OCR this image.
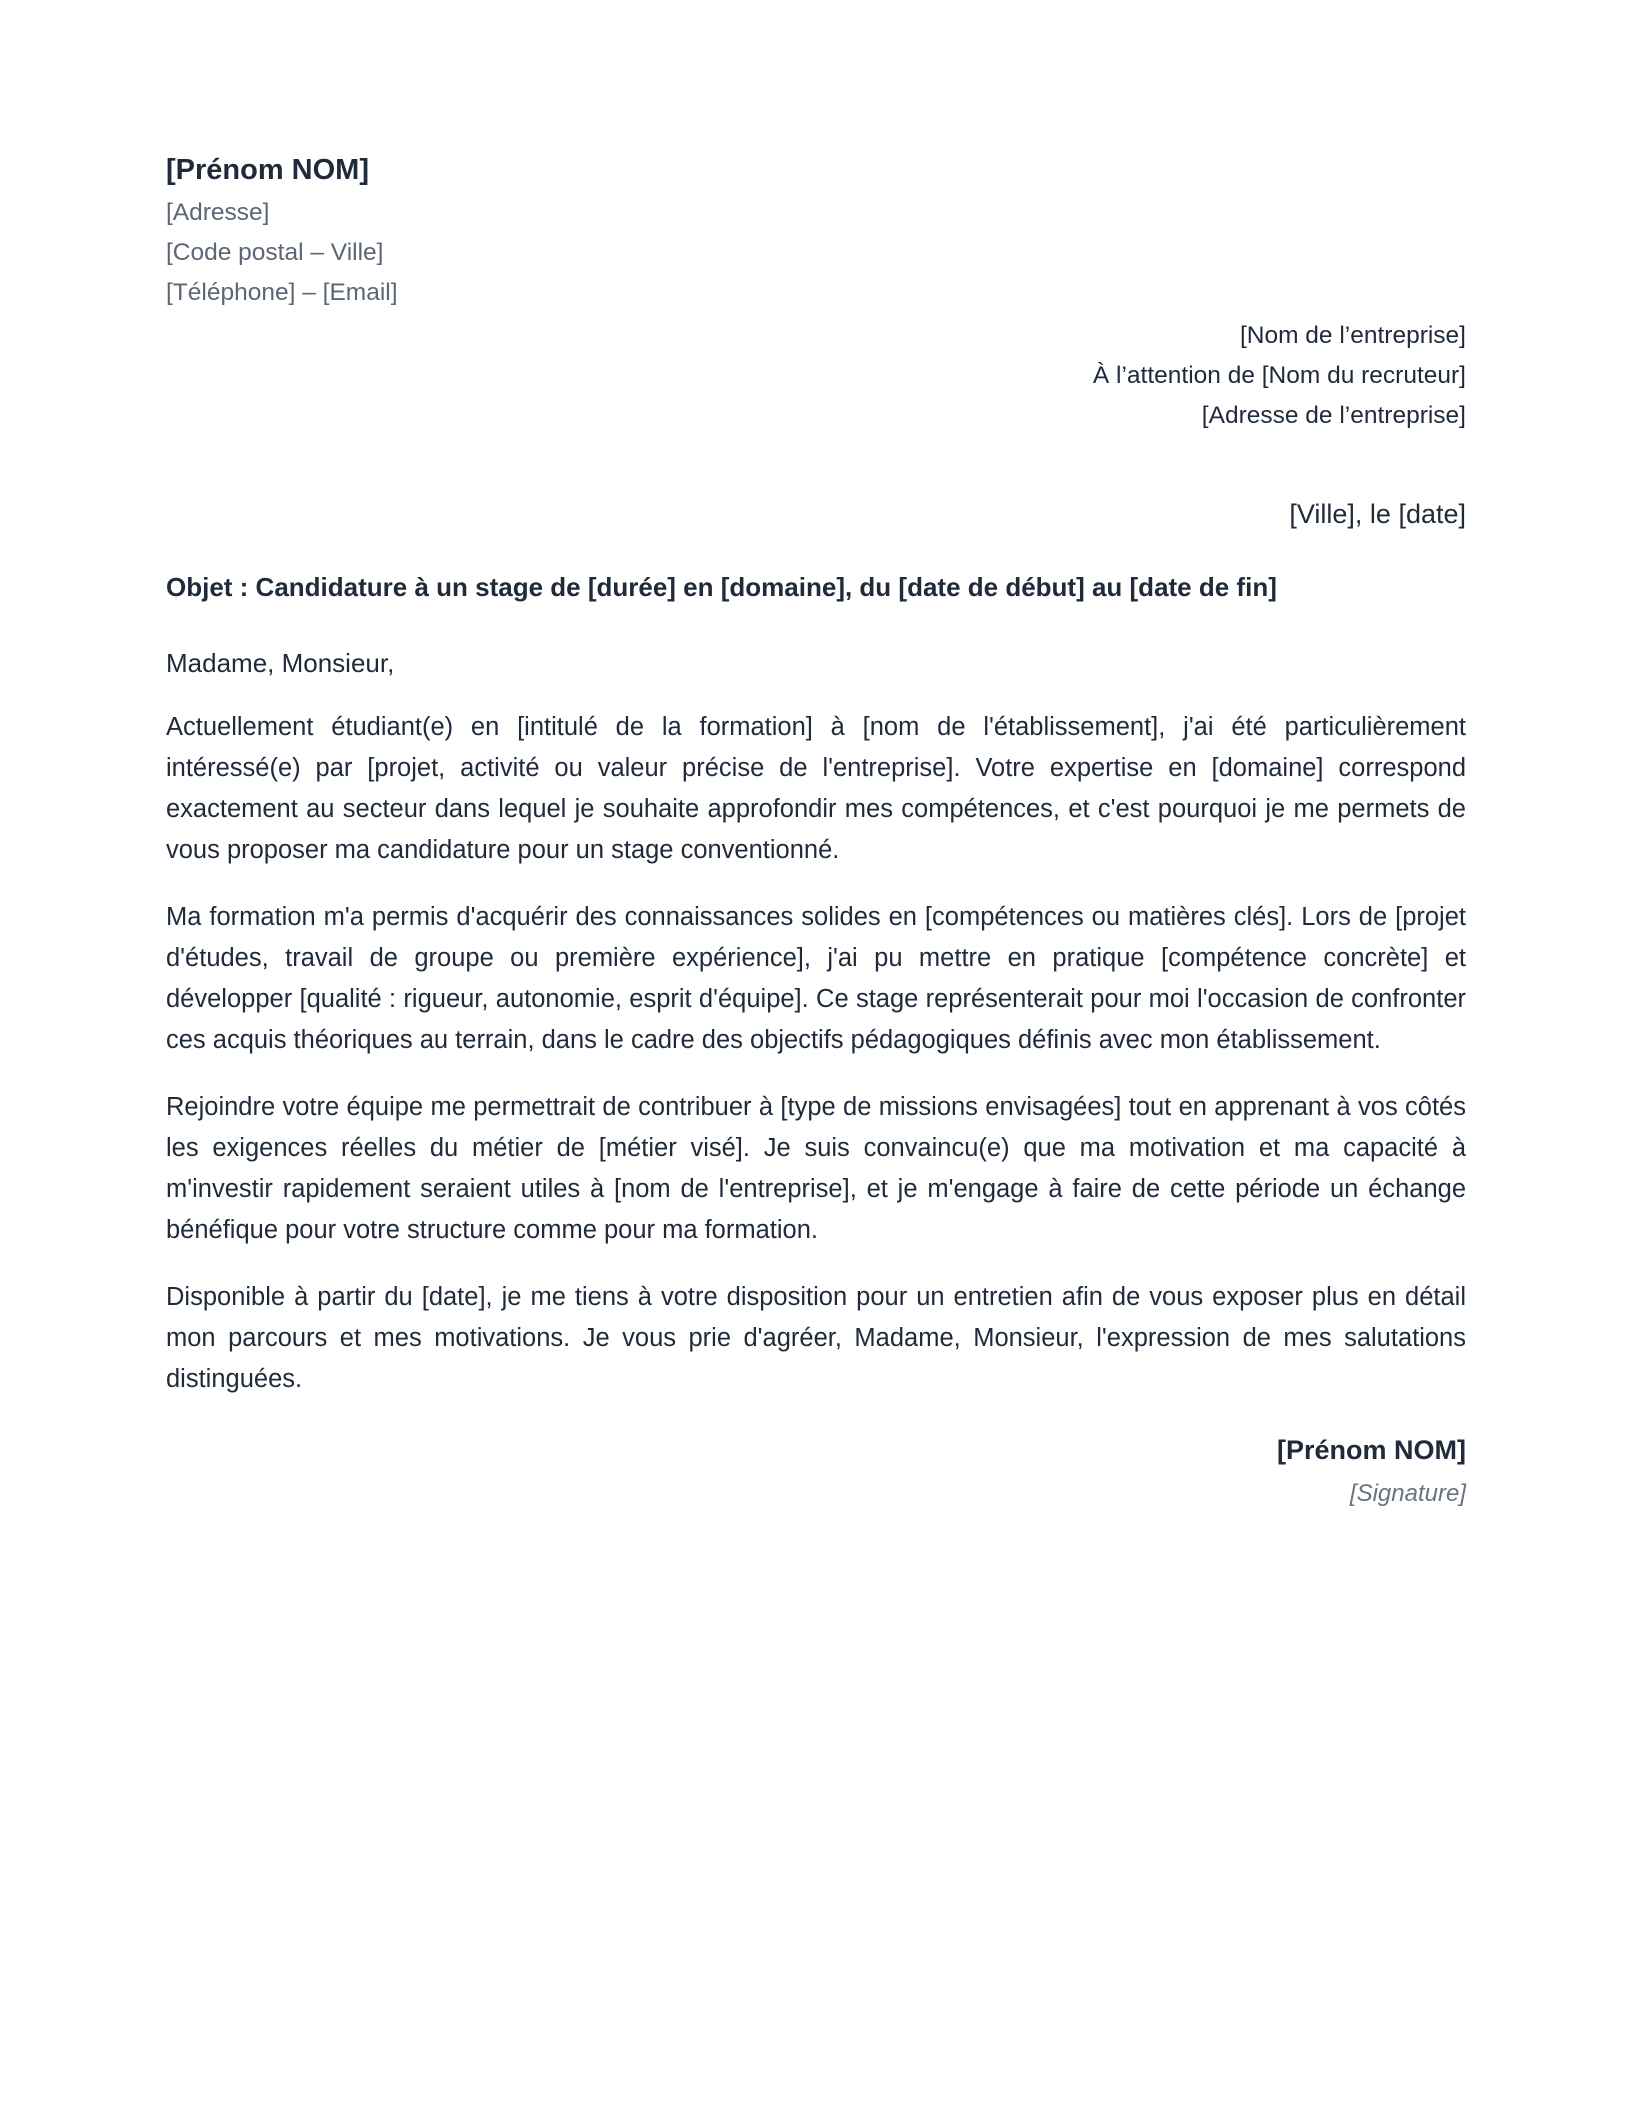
[Prénom NOM]
[Adresse]
[Code postal – Ville]
[Téléphone] – [Email]
[Nom de l’entreprise]
À l’attention de [Nom du recruteur]
[Adresse de l’entreprise]
[Ville], le [date]
Objet : Candidature à un stage de [durée] en [domaine], du [date de début] au [date de fin]
Madame, Monsieur,

Actuellement étudiant(e) en [intitulé de la formation] à [nom de l'établissement], j'ai été particulièrement intéressé(e) par [projet, activité ou valeur précise de l'entreprise]. Votre expertise en [domaine] correspond exactement au secteur dans lequel je souhaite approfondir mes compétences, et c'est pourquoi je me permets de vous proposer ma candidature pour un stage conventionné.

Ma formation m'a permis d'acquérir des connaissances solides en [compétences ou matières clés]. Lors de [projet d'études, travail de groupe ou première expérience], j'ai pu mettre en pratique [compétence concrète] et développer [qualité : rigueur, autonomie, esprit d'équipe]. Ce stage représenterait pour moi l'occasion de confronter ces acquis théoriques au terrain, dans le cadre des objectifs pédagogiques définis avec mon établissement.

Rejoindre votre équipe me permettrait de contribuer à [type de missions envisagées] tout en apprenant à vos côtés les exigences réelles du métier de [métier visé]. Je suis convaincu(e) que ma motivation et ma capacité à m'investir rapidement seraient utiles à [nom de l'entreprise], et je m'engage à faire de cette période un échange bénéfique pour votre structure comme pour ma formation.

Disponible à partir du [date], je me tiens à votre disposition pour un entretien afin de vous exposer plus en détail mon parcours et mes motivations. Je vous prie d'agréer, Madame, Monsieur, l'expression de mes salutations distinguées.

[Prénom NOM]
[Signature]
